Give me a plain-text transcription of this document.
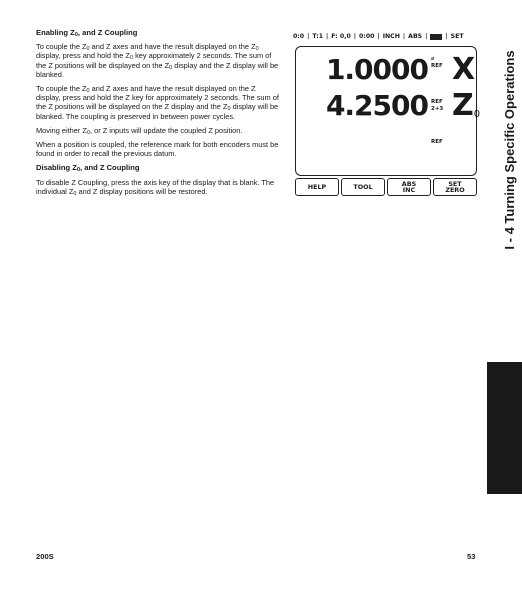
Enabling $Z_0$, and Z Coupling
To couple the $Z_0$ and Z axes and have the result displayed on the $Z_0$ display, press and hold the $Z_0$ key approximately 2 seconds. The sum of the Z positions will be displayed on the $Z_0$ display and the Z display will be blanked.
To couple the $Z_0$ and Z axes and have the result displayed on the Z display, press and hold the Z key for approximately 2 seconds. The sum of the Z positions will be displayed on the Z display and the $Z_0$ display will be blanked. The coupling is preserved in between power cycles.
Moving either $Z_0$, or Z inputs will update the coupled Z position.
When a position is coupled, the reference mark for both encoders must be found in order to recall the previous datum.
Disabling $Z_0$, and Z Coupling
To disable Z Coupling, press the axis key of the display that is blank. The individual $Z_0$ and Z display positions will be restored.
0:0 | T:1 | F: 0,0 | 0:00 | INCH | ABS |	| SET
1.0000 ⌀
REF X
4.2500 REF
2+3 $Z_0$
REF
HELP	TOOL	ABS
INC
SET
ZERO	I - 4 Turning Specific Operations
200S	53
